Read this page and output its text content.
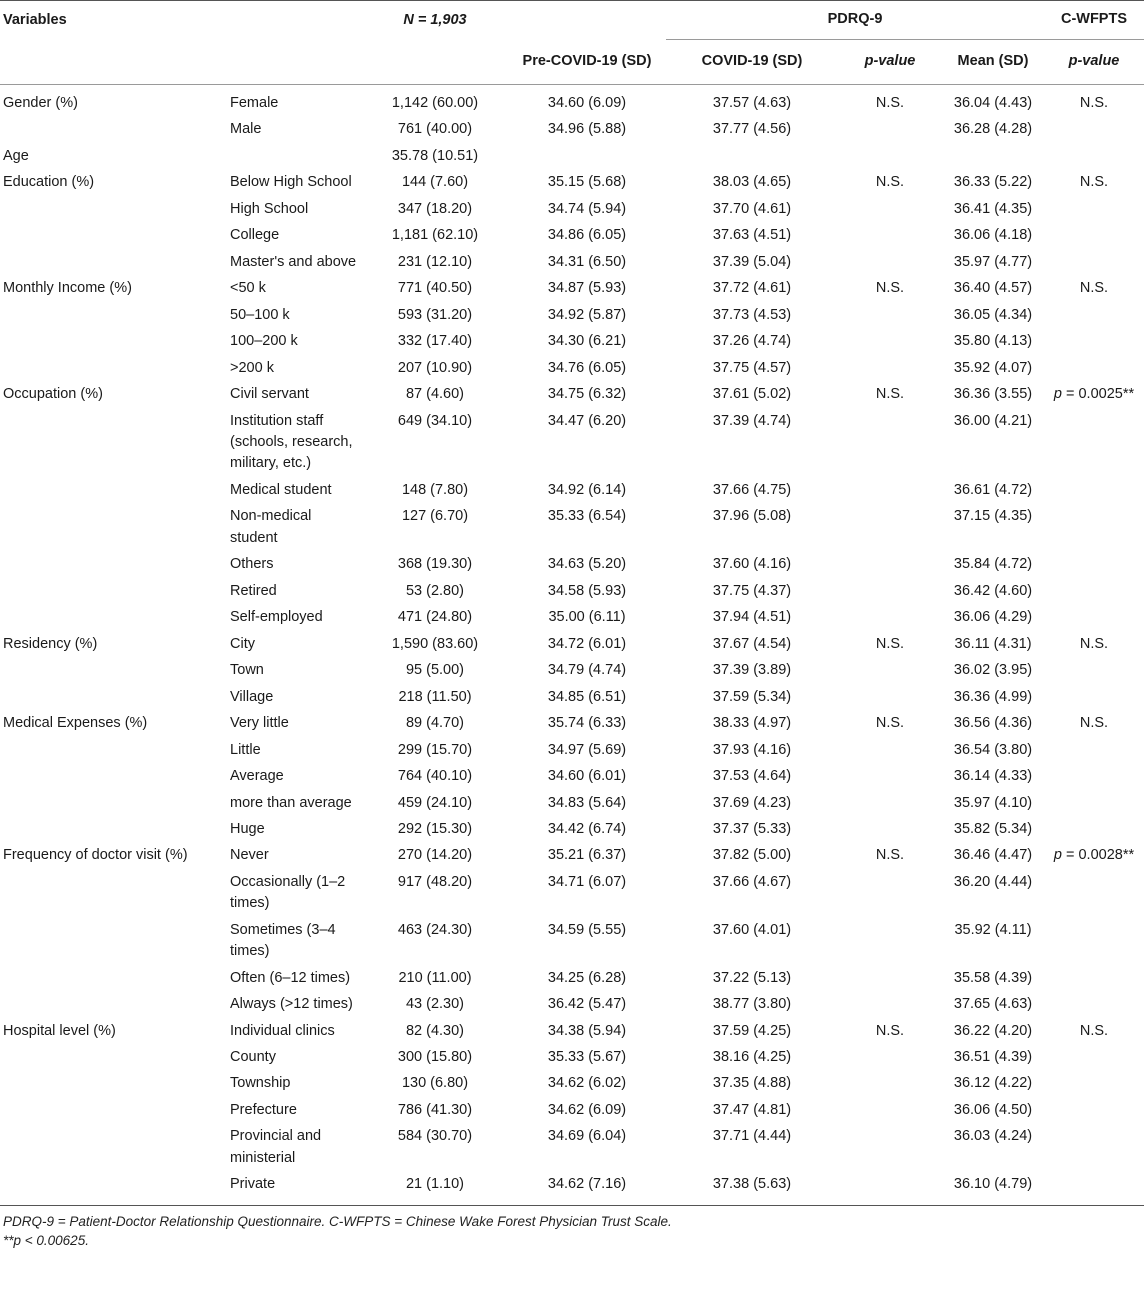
Variables		N = 1,903		PDRQ-9			C-WFPTS
			Pre-COVID-19 (SD)	COVID-19 (SD)	p-value	Mean (SD)	p-value
Gender (%)	Female	1,142 (60.00)	34.60 (6.09)	37.57 (4.63)	N.S.	36.04 (4.43)	N.S.
	Male	761 (40.00)	34.96 (5.88)	37.77 (4.56)		36.28 (4.28)	
Age		35.78 (10.51)					
Education (%)	Below High School	144 (7.60)	35.15 (5.68)	38.03 (4.65)	N.S.	36.33 (5.22)	N.S.
	High School	347 (18.20)	34.74 (5.94)	37.70 (4.61)		36.41 (4.35)	
	College	1,181 (62.10)	34.86 (6.05)	37.63 (4.51)		36.06 (4.18)	
	Master's and above	231 (12.10)	34.31 (6.50)	37.39 (5.04)		35.97 (4.77)	
Monthly Income (%)	<50 k	771 (40.50)	34.87 (5.93)	37.72 (4.61)	N.S.	36.40 (4.57)	N.S.
	50–100 k	593 (31.20)	34.92 (5.87)	37.73 (4.53)		36.05 (4.34)	
	100–200 k	332 (17.40)	34.30 (6.21)	37.26 (4.74)		35.80 (4.13)	
	>200 k	207 (10.90)	34.76 (6.05)	37.75 (4.57)		35.92 (4.07)	
Occupation (%)	Civil servant	87 (4.60)	34.75 (6.32)	37.61 (5.02)	N.S.	36.36 (3.55)	p = 0.0025**
	Institution staff (schools, research, military, etc.)	649 (34.10)	34.47 (6.20)	37.39 (4.74)		36.00 (4.21)	
	Medical student	148 (7.80)	34.92 (6.14)	37.66 (4.75)		36.61 (4.72)	
	Non-medical student	127 (6.70)	35.33 (6.54)	37.96 (5.08)		37.15 (4.35)	
	Others	368 (19.30)	34.63 (5.20)	37.60 (4.16)		35.84 (4.72)	
	Retired	53 (2.80)	34.58 (5.93)	37.75 (4.37)		36.42 (4.60)	
	Self-employed	471 (24.80)	35.00 (6.11)	37.94 (4.51)		36.06 (4.29)	
Residency (%)	City	1,590 (83.60)	34.72 (6.01)	37.67 (4.54)	N.S.	36.11 (4.31)	N.S.
	Town	95 (5.00)	34.79 (4.74)	37.39 (3.89)		36.02 (3.95)	
	Village	218 (11.50)	34.85 (6.51)	37.59 (5.34)		36.36 (4.99)	
Medical Expenses (%)	Very little	89 (4.70)	35.74 (6.33)	38.33 (4.97)	N.S.	36.56 (4.36)	N.S.
	Little	299 (15.70)	34.97 (5.69)	37.93 (4.16)		36.54 (3.80)	
	Average	764 (40.10)	34.60 (6.01)	37.53 (4.64)		36.14 (4.33)	
	more than average	459 (24.10)	34.83 (5.64)	37.69 (4.23)		35.97 (4.10)	
	Huge	292 (15.30)	34.42 (6.74)	37.37 (5.33)		35.82 (5.34)	
Frequency of doctor visit (%)	Never	270 (14.20)	35.21 (6.37)	37.82 (5.00)	N.S.	36.46 (4.47)	p = 0.0028**
	Occasionally (1–2 times)	917 (48.20)	34.71 (6.07)	37.66 (4.67)		36.20 (4.44)	
	Sometimes (3–4 times)	463 (24.30)	34.59 (5.55)	37.60 (4.01)		35.92 (4.11)	
	Often (6–12 times)	210 (11.00)	34.25 (6.28)	37.22 (5.13)		35.58 (4.39)	
	Always (>12 times)	43 (2.30)	36.42 (5.47)	38.77 (3.80)		37.65 (4.63)	
Hospital level (%)	Individual clinics	82 (4.30)	34.38 (5.94)	37.59 (4.25)	N.S.	36.22 (4.20)	N.S.
	County	300 (15.80)	35.33 (5.67)	38.16 (4.25)		36.51 (4.39)	
	Township	130 (6.80)	34.62 (6.02)	37.35 (4.88)		36.12 (4.22)	
	Prefecture	786 (41.30)	34.62 (6.09)	37.47 (4.81)		36.06 (4.50)	
	Provincial and ministerial	584 (30.70)	34.69 (6.04)	37.71 (4.44)		36.03 (4.24)	
	Private	21 (1.10)	34.62 (7.16)	37.38 (5.63)		36.10 (4.79)	
PDRQ-9 = Patient-Doctor Relationship Questionnaire. C-WFPTS = Chinese Wake Forest Physician Trust Scale.
**p < 0.00625.
